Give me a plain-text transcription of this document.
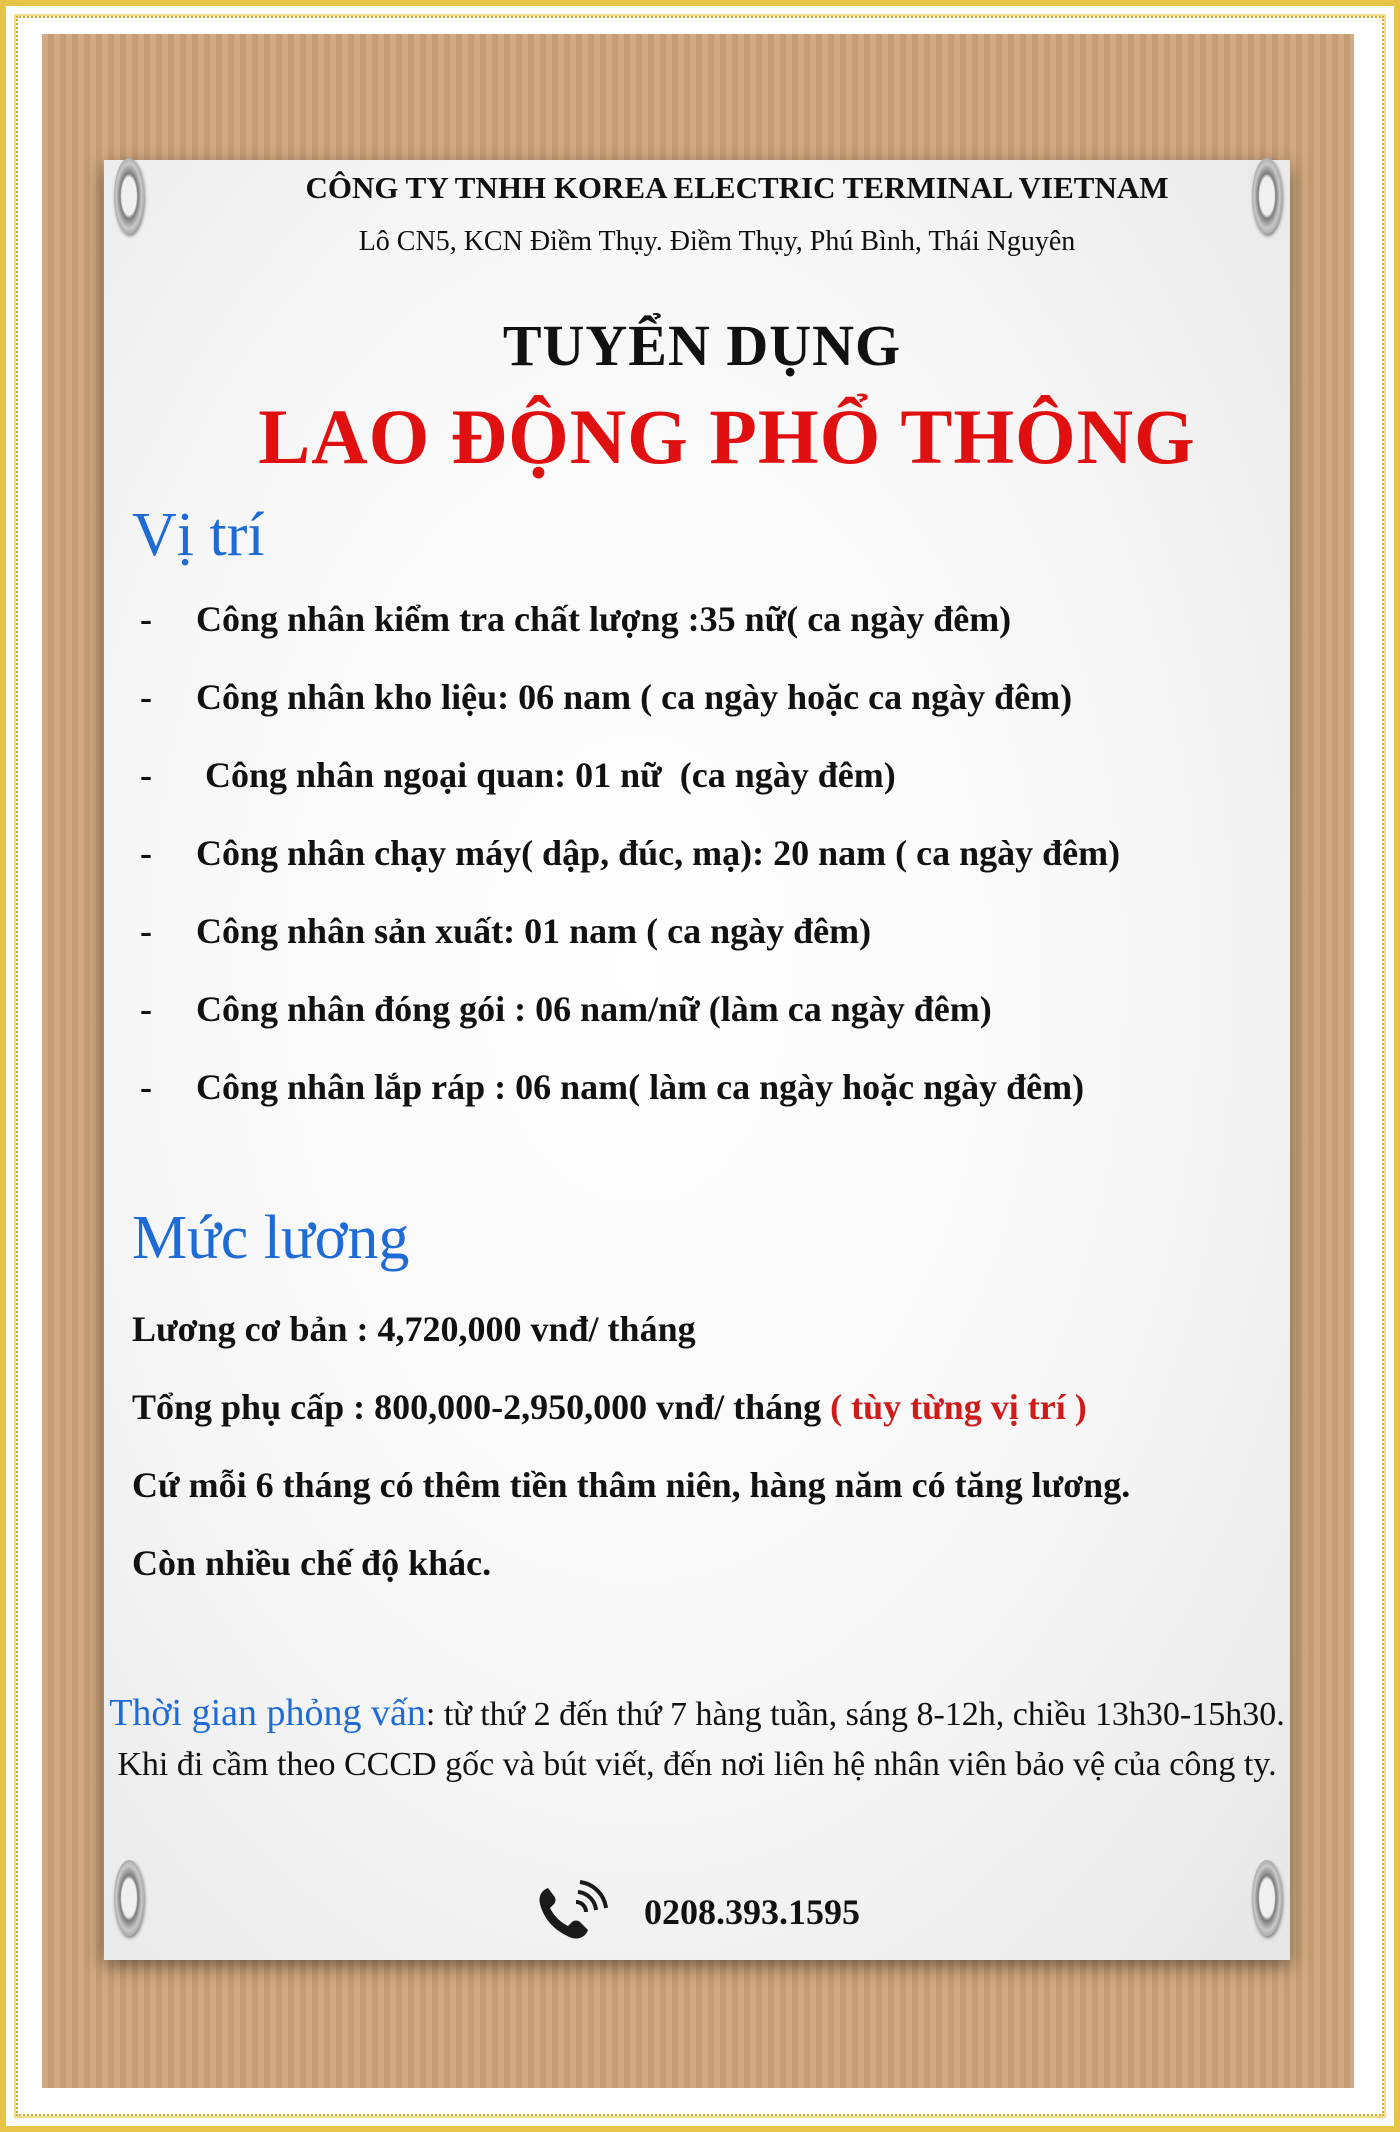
CÔNG TY TNHH KOREA ELECTRIC TERMINAL VIETNAM
Lô CN5, KCN Điềm Thụy. Điềm Thụy, Phú Bình, Thái Nguyên
TUYỂN DỤNG
LAO ĐỘNG PHỔ THÔNG
Vị trí
- Công nhân kiểm tra chất lượng :35 nữ( ca ngày đêm)
- Công nhân kho liệu: 06 nam ( ca ngày hoặc ca ngày đêm)
- Công nhân ngoại quan: 01 nữ  (ca ngày đêm)
- Công nhân chạy máy( dập, đúc, mạ): 20 nam ( ca ngày đêm)
- Công nhân sản xuất: 01 nam ( ca ngày đêm)
- Công nhân đóng gói : 06 nam/nữ (làm ca ngày đêm)
- Công nhân lắp ráp : 06 nam( làm ca ngày hoặc ngày đêm)
Mức lương
Lương cơ bản : 4,720,000 vnđ/ tháng
Tổng phụ cấp : 800,000-2,950,000 vnđ/ tháng ( tùy từng vị trí )
Cứ mỗi 6 tháng có thêm tiền thâm niên, hàng năm có tăng lương. Còn nhiều chế độ khác.
Thời gian phỏng vấn: từ thứ 2 đến thứ 7 hàng tuần, sáng 8-12h, chiều 13h30-15h30. Khi đi cầm theo CCCD gốc và bút viết, đến nơi liên hệ nhân viên bảo vệ của công ty.
0208.393.1595
